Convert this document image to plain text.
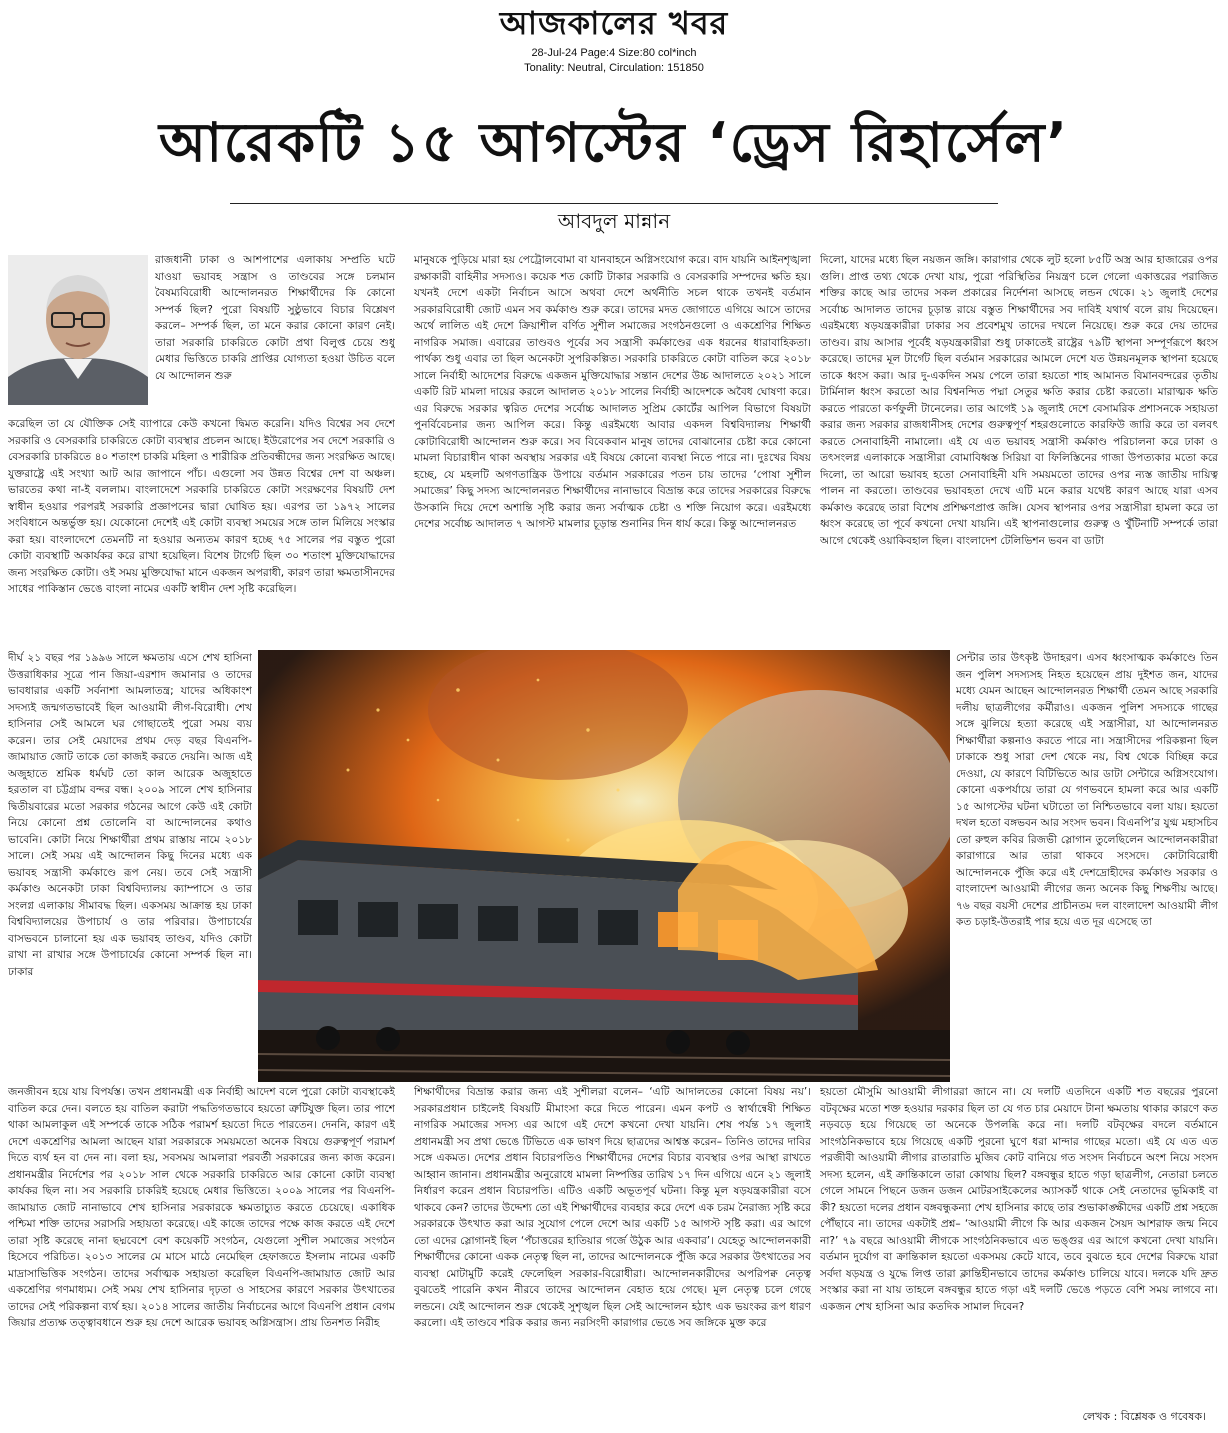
আজকালের খবর
28-Jul-24 Page:4 Size:80 col*inch
Tonality: Neutral, Circulation: 151850
আরেকটি ১৫ আগস্টের ‘ড্রেস রিহার্সেল’
আবদুল মান্নান

রাজধানী ঢাকা ও আশপাশের এলাকায় সম্প্রতি ঘটে যাওয়া ভয়াবহ সন্ত্রাস ও তাণ্ডবের সঙ্গে চলমান বৈষম্যবিরোধী আন্দোলনরত শিক্ষার্থীদের কি কোনো সম্পর্ক ছিল? পুরো বিষয়টি সুষ্ঠুভাবে বিচার বিশ্লেষণ করলে– সম্পর্ক ছিল, তা মনে করার কোনো কারণ নেই। তারা সরকারি চাকরিতে কোটা প্রথা বিলুপ্ত চেয়ে শুধু মেধার ভিত্তিতে চাকরি প্রাপ্তির যোগ্যতা হওয়া উচিত বলে যে আন্দোলন শুরু

করেছিল তা যে যৌক্তিক সেই ব্যাপারে কেউ কখনো দ্বিমত করেনি। যদিও বিশ্বের সব দেশে সরকারি ও বেসরকারি চাকরিতে কোটা ব্যবস্থার প্রচলন আছে। ইউরোপের সব দেশে সরকারি ও বেসরকারি চাকরিতে ৪০ শতাংশ চাকরি মহিলা ও শারীরিক প্রতিবন্ধীদের জন্য সংরক্ষিত আছে। যুক্তরাষ্ট্রে এই সংখ্যা আট আর জাপানে পাঁচ। এগুলো সব উন্নত বিশ্বের দেশ বা অঞ্চল। ভারতের কথা না-ই বললাম। বাংলাদেশে সরকারি চাকরিতে কোটা সংরক্ষণের বিষয়টি দেশ স্বাধীন হওয়ার পরপরই সরকারি প্রজ্ঞাপনের দ্বারা ঘোষিত হয়। এরপর তা ১৯৭২ সালের সংবিধানে অন্তর্ভুক্ত হয়। যেকোনো দেশেই এই কোটা ব্যবস্থা সময়ের সঙ্গে তাল মিলিয়ে সংস্কার করা হয়। বাংলাদেশে তেমনটি না হওয়ার অন্যতম কারণ হচ্ছে ৭৫ সালের পর বস্তুত পুরো কোটা ব্যবস্থাটি অকার্যকর করে রাখা হয়েছিল। বিশেষ টার্গেট ছিল ৩০ শতাংশ মুক্তিযোদ্ধাদের জন্য সংরক্ষিত কোটা। ওই সময় মুক্তিযোদ্ধা মানে একজন অপরাধী, কারণ তারা ক্ষমতাসীনদের সাধের পাকিস্তান ভেঙে বাংলা নামের একটি স্বাধীন দেশ সৃষ্টি করেছিল।

দীর্ঘ ২১ বছর পর ১৯৯৬ সালে ক্ষমতায় এসে শেখ হাসিনা উত্তরাধিকার সূত্রে পান জিয়া-এরশাদ জমানার ও তাদের ভাবধারার একটি সর্বনাশা আমলাতন্ত্র; যাদের অধিকাংশ সদস্যই জন্মগতভাবেই ছিল আওয়ামী লীগ-বিরোধী। শেখ হাসিনার সেই আমলে ঘর গোছাতেই পুরো সময় ব্যয় করেন। তার সেই মেয়াদের প্রথম দেড় বছর বিএনপি-জামায়াত জোট তাকে তো কাজই করতে দেয়নি। আজ এই অজুহাতে শ্রমিক ধর্মঘট তো কাল আরেক অজুহাতে হরতাল বা চট্টগ্রাম বন্দর বন্ধ। ২০০৯ সালে শেখ হাসিনার দ্বিতীয়বারের মতো সরকার গঠনের আগে কেউ এই কোটা নিয়ে কোনো প্রশ্ন তোলেনি বা আন্দোলনের কথাও ভাবেনি। কোটা নিয়ে শিক্ষার্থীরা প্রথম রাস্তায় নামে ২০১৮ সালে। সেই সময় এই আন্দোলন কিছু দিনের মধ্যে এক ভয়াবহ সন্ত্রাসী কর্মকাণ্ডে রূপ নেয়। তবে সেই সন্ত্রাসী কর্মকাণ্ড অনেকটা ঢাকা বিশ্ববিদ্যালয় ক্যাম্পাসে ও তার সংলগ্ন এলাকায় সীমাবদ্ধ ছিল। একসময় আক্রান্ত হয় ঢাকা বিশ্ববিদ্যালয়ের উপাচার্য ও তার পরিবার। উপাচার্যের বাসভবনে চালানো হয় এক ভয়াবহ তাণ্ডব, যদিও কোটা রাখা না রাখার সঙ্গে উপাচার্যের কোনো সম্পর্ক ছিল না। ঢাকার

জনজীবন হয়ে যায় বিপর্যস্ত। তখন প্রধানমন্ত্রী এক নির্বাহী আদেশ বলে পুরো কোটা ব্যবস্থাকেই বাতিল করে দেন। বলতে হয় বাতিল করাটা পদ্ধতিগতভাবে হয়তো ত্রুটিযুক্ত ছিল। তার পাশে থাকা আমলাকুল এই সম্পর্কে তাকে সঠিক পরামর্শ হয়তো দিতে পারতেন। দেননি, কারণ এই দেশে একশ্রেণির আমলা আছেন যারা সরকারকে সময়মতো অনেক বিষয়ে গুরুত্বপূর্ণ পরামর্শ দিতে ব্যর্থ হন বা দেন না। বলা হয়, সবসময় আমলারা পরবর্তী সরকারের জন্য কাজ করেন। প্রধানমন্ত্রীর নির্দেশের পর ২০১৮ সাল থেকে সরকারি চাকরিতে আর কোনো কোটা ব্যবস্থা কার্যকর ছিল না। সব সরকারি চাকরিই হয়েছে মেধার ভিত্তিতে। ২০০৯ সালের পর বিএনপি-জামায়াত জোট নানাভাবে শেখ হাসিনার সরকারকে ক্ষমতাচ্যুত করতে চেয়েছে। একাধিক পশ্চিমা শক্তি তাদের সরাসরি সহায়তা করেছে। এই কাজে তাদের পক্ষে কাজ করতে এই দেশে তারা সৃষ্টি করেছে নানা ছদ্মবেশে বেশ কয়েকটি সংগঠন, যেগুলো সুশীল সমাজের সংগঠন হিসেবে পরিচিত। ২০১৩ সালের মে মাসে মাঠে নেমেছিল হেফাজতে ইসলাম নামের একটি মাদ্রাসাভিত্তিক সংগঠন। তাদের সর্বাত্মক সহায়তা করেছিল বিএনপি-জামায়াত জোট আর একশ্রেণির গণমাধ্যম। সেই সময় শেখ হাসিনার দৃঢ়তা ও সাহসের কারণে সরকার উৎখাতের তাদের সেই পরিকল্পনা ব্যর্থ হয়। ২০১৪ সালের জাতীয় নির্বাচনের আগে বিএনপি প্রধান বেগম জিয়ার প্রত্যক্ষ তত্ত্বাবধানে শুরু হয় দেশে আরেক ভয়াবহ অগ্নিসন্ত্রাস। প্রায় তিনশত নিরীহ

মানুষকে পুড়িয়ে মারা হয় পেট্রোলবোমা বা যানবাহনে অগ্নিসংযোগ করে। বাদ যায়নি আইনশৃঙ্খলা রক্ষাকারী বাহিনীর সদস্যও। কয়েক শত কোটি টাকার সরকারি ও বেসরকারি সম্পদের ক্ষতি হয়। যখনই দেশে একটা নির্বাচন আসে অথবা দেশে অর্থনীতি সচল থাকে তখনই বর্তমান সরকারবিরোধী জোট এমন সব কর্মকাণ্ড শুরু করে। তাদের মদত জোগাতে এগিয়ে আসে তাদের অর্থে লালিত এই দেশে ক্রিয়াশীল বর্ণিত সুশীল সমাজের সংগঠনগুলো ও একশ্রেণির শিক্ষিত নাগরিক সমাজ। এবারের তাণ্ডবও পূর্বের সব সন্ত্রাসী কর্মকাণ্ডের এক ধরনের ধারাবাহিকতা। পার্থক্য শুধু এবার তা ছিল অনেকটা সুপরিকল্পিত। সরকারি চাকরিতে কোটা বাতিল করে ২০১৮ সালে নির্বাহী আদেশের বিরুদ্ধে একজন মুক্তিযোদ্ধার সন্তান দেশের উচ্চ আদালতে ২০২১ সালে একটি রিট মামলা দায়ের করলে আদালত ২০১৮ সালের নির্বাহী আদেশকে অবৈধ ঘোষণা করে। এর বিরুদ্ধে সরকার ত্বরিত দেশের সর্বোচ্চ আদালত সুপ্রিম কোর্টের আপিল বিভাগে বিষয়টা পুনর্বিবেচনার জন্য আপিল করে। কিন্তু এরইমধ্যে আবার একদল বিশ্ববিদ্যালয় শিক্ষার্থী কোটাবিরোধী আন্দোলন শুরু করে। সব বিবেকবান মানুষ তাদের বোঝানোর চেষ্টা করে কোনো মামলা বিচারাধীন থাকা অবস্থায় সরকার এই বিষয়ে কোনো ব্যবস্থা নিতে পারে না। দুঃখের বিষয় হচ্ছে, যে মহলটি অগণতান্ত্রিক উপায়ে বর্তমান সরকারের পতন চায় তাদের ‘পোষা সুশীল সমাজের’ কিছু সদস্য আন্দোলনরত শিক্ষার্থীদের নানাভাবে বিভ্রান্ত করে তাদের সরকারের বিরুদ্ধে উসকানি দিয়ে দেশে অশান্তি সৃষ্টি করার জন্য সর্বাত্মক চেষ্টা ও শক্তি নিয়োগ করে। এরইমধ্যে দেশের সর্বোচ্চ আদালত ৭ আগস্ট মামলার চূড়ান্ত শুনানির দিন ধার্য করে। কিন্তু আন্দোলনরত

শিক্ষার্থীদের বিভ্রান্ত করার জন্য এই সুশীলরা বলেন– ‘এটি আদালতের কোনো বিষয় নয়’। সরকারপ্রধান চাইলেই বিষয়টি মীমাংসা করে দিতে পারেন। এমন কপট ও স্বার্থান্বেষী শিক্ষিত নাগরিক সমাজের সদস্য এর আগে এই দেশে কখনো দেখা যায়নি। শেষ পর্যন্ত ১৭ জুলাই প্রধানমন্ত্রী সব প্রথা ভেঙে টিভিতে এক ভাষণ দিয়ে ছাত্রদের আশ্বস্ত করেন– তিনিও তাদের দাবির সঙ্গে একমত। দেশের প্রধান বিচারপতিও শিক্ষার্থীদের দেশের বিচার ব্যবস্থার ওপর আস্থা রাখতে আহ্বান জানান। প্রধানমন্ত্রীর অনুরোধে মামলা নিষ্পত্তির তারিখ ১৭ দিন এগিয়ে এনে ২১ জুলাই নির্ধারণ করেন প্রধান বিচারপতি। এটিও একটি অভূতপূর্ব ঘটনা। কিন্তু মূল ষড়যন্ত্রকারীরা বসে থাকবে কেন? তাদের উদ্দেশ্য তো এই শিক্ষার্থীদের ব্যবহার করে দেশে এক চরম নৈরাজ্য সৃষ্টি করে সরকারকে উৎখাত করা আর সুযোগ পেলে দেশে আর একটি ১৫ আগস্ট সৃষ্টি করা। এর আগে তো এদের স্লোগানই ছিল ‘পঁচাত্তরের হাতিয়ার গর্জে উঠুক আর একবার’। যেহেতু আন্দোলনকারী শিক্ষার্থীদের কোনো একক নেতৃত্ব ছিল না, তাদের আন্দোলনকে পুঁজি করে সরকার উৎখাতের সব ব্যবস্থা মোটামুটি করেই ফেলেছিল সরকার-বিরোধীরা। আন্দোলনকারীদের অপরিপক্ব নেতৃত্ব বুঝতেই পারেনি কখন নীরবে তাদের আন্দোলন বেহাত হয়ে গেছে। মূল নেতৃত্ব চলে গেছে লন্ডনে। যেই আন্দোলন শুরু থেকেই সুশৃঙ্খল ছিল সেই আন্দোলন হঠাৎ এক ভয়ংকর রূপ ধারণ করলো। এই তাণ্ডবে শরিক করার জন্য নরসিংদী কারাগার ভেঙে সব জঙ্গিকে মুক্ত করে

দিলো, যাদের মধ্যে ছিল নয়জন জঙ্গি। কারাগার থেকে লুট হলো ৮৫টি অস্ত্র আর হাজারের ওপর গুলি। প্রাপ্ত তথ্য থেকে দেখা যায়, পুরো পরিস্থিতির নিয়ন্ত্রণ চলে গেলো একাত্তরের পরাজিত শক্তির কাছে আর তাদের সকল প্রকারের নির্দেশনা আসছে লন্ডন থেকে। ২১ জুলাই দেশের সর্বোচ্চ আদালত তাদের চূড়ান্ত রায়ে বস্তুত শিক্ষার্থীদের সব দাবিই যথার্থ বলে রায় দিয়েছেন। এরইমধ্যে ষড়যন্ত্রকারীরা ঢাকার সব প্রবেশমুখ তাদের দখলে নিয়েছে। শুরু করে দেয় তাদের তাণ্ডব। রায় আসার পূর্বেই ষড়যন্ত্রকারীরা শুধু ঢাকাতেই রাষ্ট্রের ৭৯টি স্থাপনা সম্পূর্ণরূপে ধ্বংস করেছে। তাদের মূল টার্গেট ছিল বর্তমান সরকারের আমলে দেশে যত উন্নয়নমূলক স্থাপনা হয়েছে তাকে ধ্বংস করা। আর দু-একদিন সময় পেলে তারা হয়তো শাহ আমানত বিমানবন্দরের তৃতীয় টার্মিনাল ধ্বংস করতো আর বিশ্বনন্দিত পদ্মা সেতুর ক্ষতি করার চেষ্টা করতো। মারাত্মক ক্ষতি করতে পারতো কর্ণফুলী টানেলের। তার আগেই ১৯ জুলাই দেশে বেসামরিক প্রশাসনকে সহায়তা করার জন্য সরকার রাজধানীসহ দেশের গুরুত্বপূর্ণ শহরগুলোতে কারফিউ জারি করে তা বলবৎ করতে সেনাবাহিনী নামালো। এই যে এত ভয়াবহ সন্ত্রাসী কর্মকাণ্ড পরিচালনা করে ঢাকা ও তৎসংলগ্ন এলাকাকে সন্ত্রাসীরা বোমাবিধ্বস্ত সিরিয়া বা ফিলিস্তিনের গাজা উপত্যকার মতো করে দিলো, তা আরো ভয়াবহ হতো সেনাবাহিনী যদি সময়মতো তাদের ওপর ন্যস্ত জাতীয় দায়িত্ব পালন না করতো। তাণ্ডবের ভয়াবহতা দেখে এটি মনে করার যথেষ্ট কারণ আছে যারা এসব কর্মকাণ্ড করেছে তারা বিশেষ প্রশিক্ষণপ্রাপ্ত জঙ্গি। যেসব স্থাপনার ওপর সন্ত্রাসীরা হামলা করে তা ধ্বংস করেছে তা পূর্বে কখনো দেখা যায়নি। এই স্থাপনাগুলোর গুরুত্ব ও খুঁটিনাটি সম্পর্কে তারা আগে থেকেই ওয়াকিবহাল ছিল। বাংলাদেশ টেলিভিশন ভবন বা ডাটা

সেন্টার তার উৎকৃষ্ট উদাহরণ। এসব ধ্বংসাত্মক কর্মকাণ্ডে তিন জন পুলিশ সদস্যসহ নিহত হয়েছেন প্রায় দুইশত জন, যাদের মধ্যে যেমন আছেন আন্দোলনরত শিক্ষার্থী তেমন আছে সরকারি দলীয় ছাত্রলীগের কর্মীরাও। একজন পুলিশ সদস্যকে গাছের সঙ্গে ঝুলিয়ে হত্যা করেছে এই সন্ত্রাসীরা, যা আন্দোলনরত শিক্ষার্থীরা কল্পনাও করতে পারে না। সন্ত্রাসীদের পরিকল্পনা ছিল ঢাকাকে শুধু সারা দেশ থেকে নয়, বিশ্ব থেকে বিচ্ছিন্ন করে দেওয়া, যে কারণে বিটিভিতে আর ডাটা সেন্টারে অগ্নিসংযোগ। কোনো একপর্যায়ে তারা যে গণভবনে হামলা করে আর একটি ১৫ আগস্টের ঘটনা ঘটাতো তা নিশ্চিতভাবে বলা যায়। হয়তো দখল হতো বঙ্গভবন আর সংসদ ভবন। বিএনপি’র যুগ্ম মহাসচিব তো রুহুল কবির রিজভী স্লোগান তুলেছিলেন আন্দোলনকারীরা কারাগারে আর তারা থাকবে সংসদে। কোটাবিরোধী আন্দোলনকে পুঁজি করে এই দেশদ্রোহীদের কর্মকাণ্ড সরকার ও বাংলাদেশ আওয়ামী লীগের জন্য অনেক কিছু শিক্ষণীয় আছে। ৭৬ বছর বয়সী দেশের প্রাচীনতম দল বাংলাদেশ আওয়ামী লীগ কত চড়াই-উতরাই পার হয়ে এত দূর এসেছে তা

হয়তো মৌসুমি আওয়ামী লীগাররা জানে না। যে দলটি এতদিনে একটি শত বছরের পুরনো বটবৃক্ষের মতো শক্ত হওয়ার দরকার ছিল তা যে গত চার মেয়াদে টানা ক্ষমতায় থাকার কারণে কত নড়বড়ে হয়ে গিয়েছে তা অনেকে উপলব্ধি করে না। দলটি বটবৃক্ষের বদলে বর্তমানে সাংগঠনিকভাবে হয়ে গিয়েছে একটি পুরনো ঘুণে ধরা মান্দার গাছের মতো। এই যে এত এত পরজীবী আওয়ামী লীগার রাতারাতি মুজিব কোট বানিয়ে গত সংসদ নির্বাচনে অংশ নিয়ে সংসদ সদস্য হলেন, এই ক্রান্তিকালে তারা কোথায় ছিল? বঙ্গবন্ধুর হাতে গড়া ছাত্রলীগ, নেতারা চলতে গেলে সামনে পিছনে ডজন ডজন মোটরসাইকেলের অ্যাসকর্ট থাকে সেই নেতাদের ভূমিকাই বা কী? হয়তো দলের প্রধান বঙ্গবন্ধুকন্যা শেখ হাসিনার কাছে তার শুভাকাঙ্ক্ষীদের একটি প্রশ্ন সহজে পৌঁছাবে না। তাদের একটাই প্রশ্ন– ‘আওয়ামী লীগে কি আর একজন সৈয়দ আশরাফ জন্ম নিবে না?’ ৭৯ বছরে আওয়ামী লীগকে সাংগঠনিকভাবে এত ভঙ্গুর এর আগে কখনো দেখা যায়নি। বর্তমান দুর্যোগ বা ক্রান্তিকাল হয়তো একসময় কেটে যাবে, তবে বুঝতে হবে দেশের বিরুদ্ধে যারা সর্বদা ষড়যন্ত্র ও যুদ্ধে লিপ্ত তারা ক্লান্তিহীনভাবে তাদের কর্মকাণ্ড চালিয়ে যাবে। দলকে যদি দ্রুত সংস্কার করা না যায় তাহলে বঙ্গবন্ধুর হাতে গড়া এই দলটি ভেঙে পড়তে বেশি সময় লাগবে না। একজন শেখ হাসিনা আর কতদিক সামাল দিবেন?

লেখক : বিশ্লেষক ও গবেষক।
